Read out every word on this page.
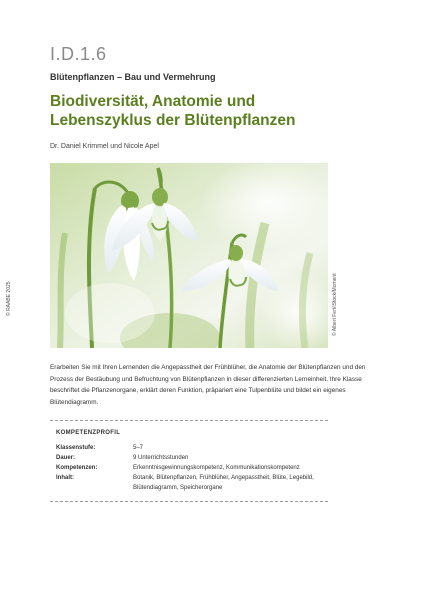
I.D.1.6
Blütenpflanzen – Bau und Vermehrung
Biodiversität, Anatomie und Lebenszyklus der Blütenpflanzen
Dr. Daniel Krimmel und Nicole Apel
© RAABE 2025	© Albert Fert/iStock/Moment
Erarbeiten Sie mit Ihren Lernenden die Angepasstheit der Frühblüher, die Anatomie der Blütenpflanzen und den Prozess der Bestäubung und Befruchtung von Blütenpflanzen in dieser differenzierten Lerneinheit. Ihre Klasse beschriftet die Pflanzenorgane, erklärt deren Funktion, präpariert eine Tulpenblüte und bildet ein eigenes Blütendiagramm.
KOMPETENZPROFIL
Klassenstufe:	5–7
Dauer:	9 Unterrichtsstunden
Kompetenzen:	Erkenntnisgewinnungskompetenz, Kommunikationskompetenz
Inhalt:	Botanik, Blütenpflanzen, Frühblüher, Angepasstheit, Blüte, Legebild, Blütendiagramm, Speicherorgane
